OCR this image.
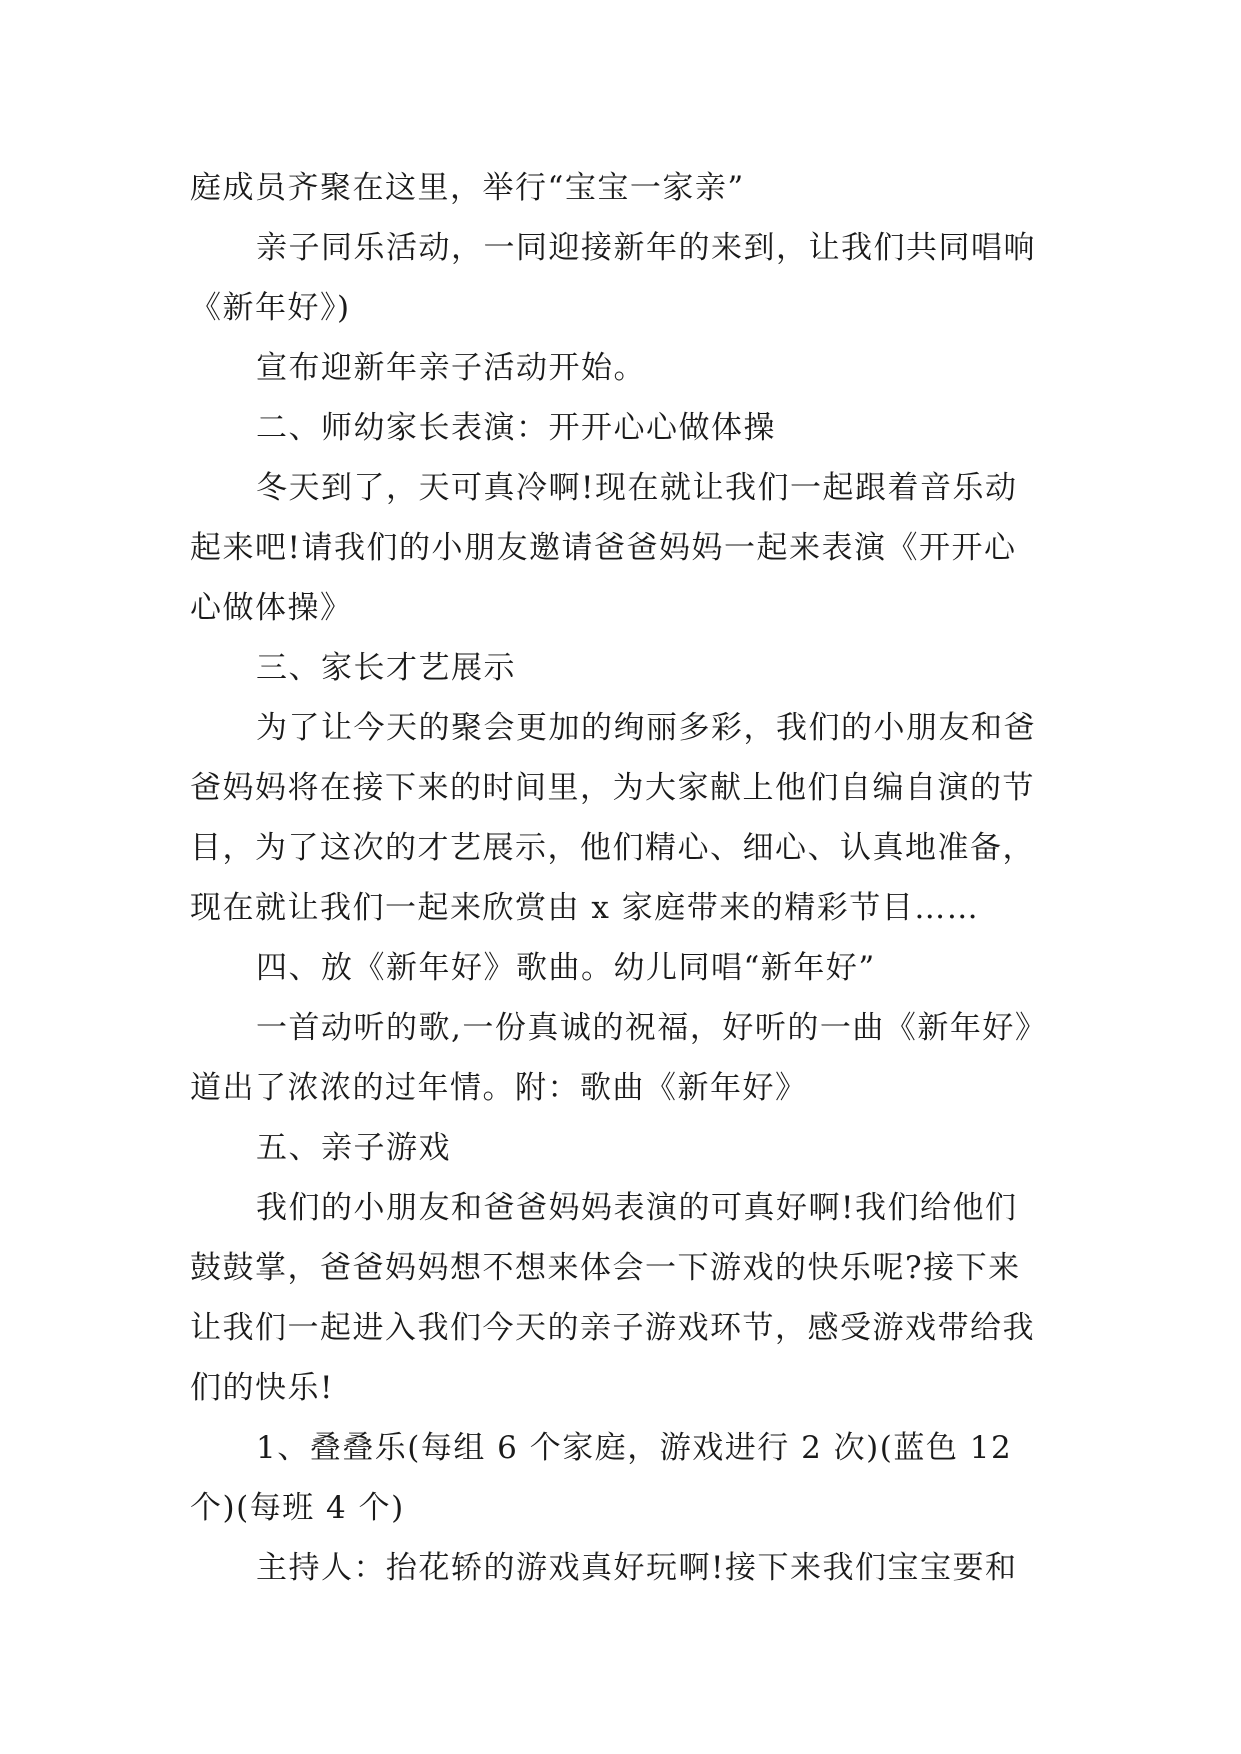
庭成员齐聚在这里，举行“宝宝一家亲”
亲子同乐活动，一同迎接新年的来到，让我们共同唱响
《新年好》)
宣布迎新年亲子活动开始。
二、师幼家长表演：开开心心做体操
冬天到了，天可真冷啊!现在就让我们一起跟着音乐动
起来吧!请我们的小朋友邀请爸爸妈妈一起来表演《开开心
心做体操》
三、家长才艺展示
为了让今天的聚会更加的绚丽多彩，我们的小朋友和爸
爸妈妈将在接下来的时间里，为大家献上他们自编自演的节
目，为了这次的才艺展示，他们精心、细心、认真地准备，
现在就让我们一起来欣赏由 x 家庭带来的精彩节目……
四、放《新年好》歌曲。幼儿同唱“新年好”
一首动听的歌,一份真诚的祝福，好听的一曲《新年好》
道出了浓浓的过年情。附：歌曲《新年好》
五、亲子游戏
我们的小朋友和爸爸妈妈表演的可真好啊!我们给他们
鼓鼓掌，爸爸妈妈想不想来体会一下游戏的快乐呢?接下来
让我们一起进入我们今天的亲子游戏环节，感受游戏带给我
们的快乐!
1、叠叠乐(每组 6 个家庭，游戏进行 2 次)(蓝色 12
个)(每班 4 个)
主持人：抬花轿的游戏真好玩啊!接下来我们宝宝要和
